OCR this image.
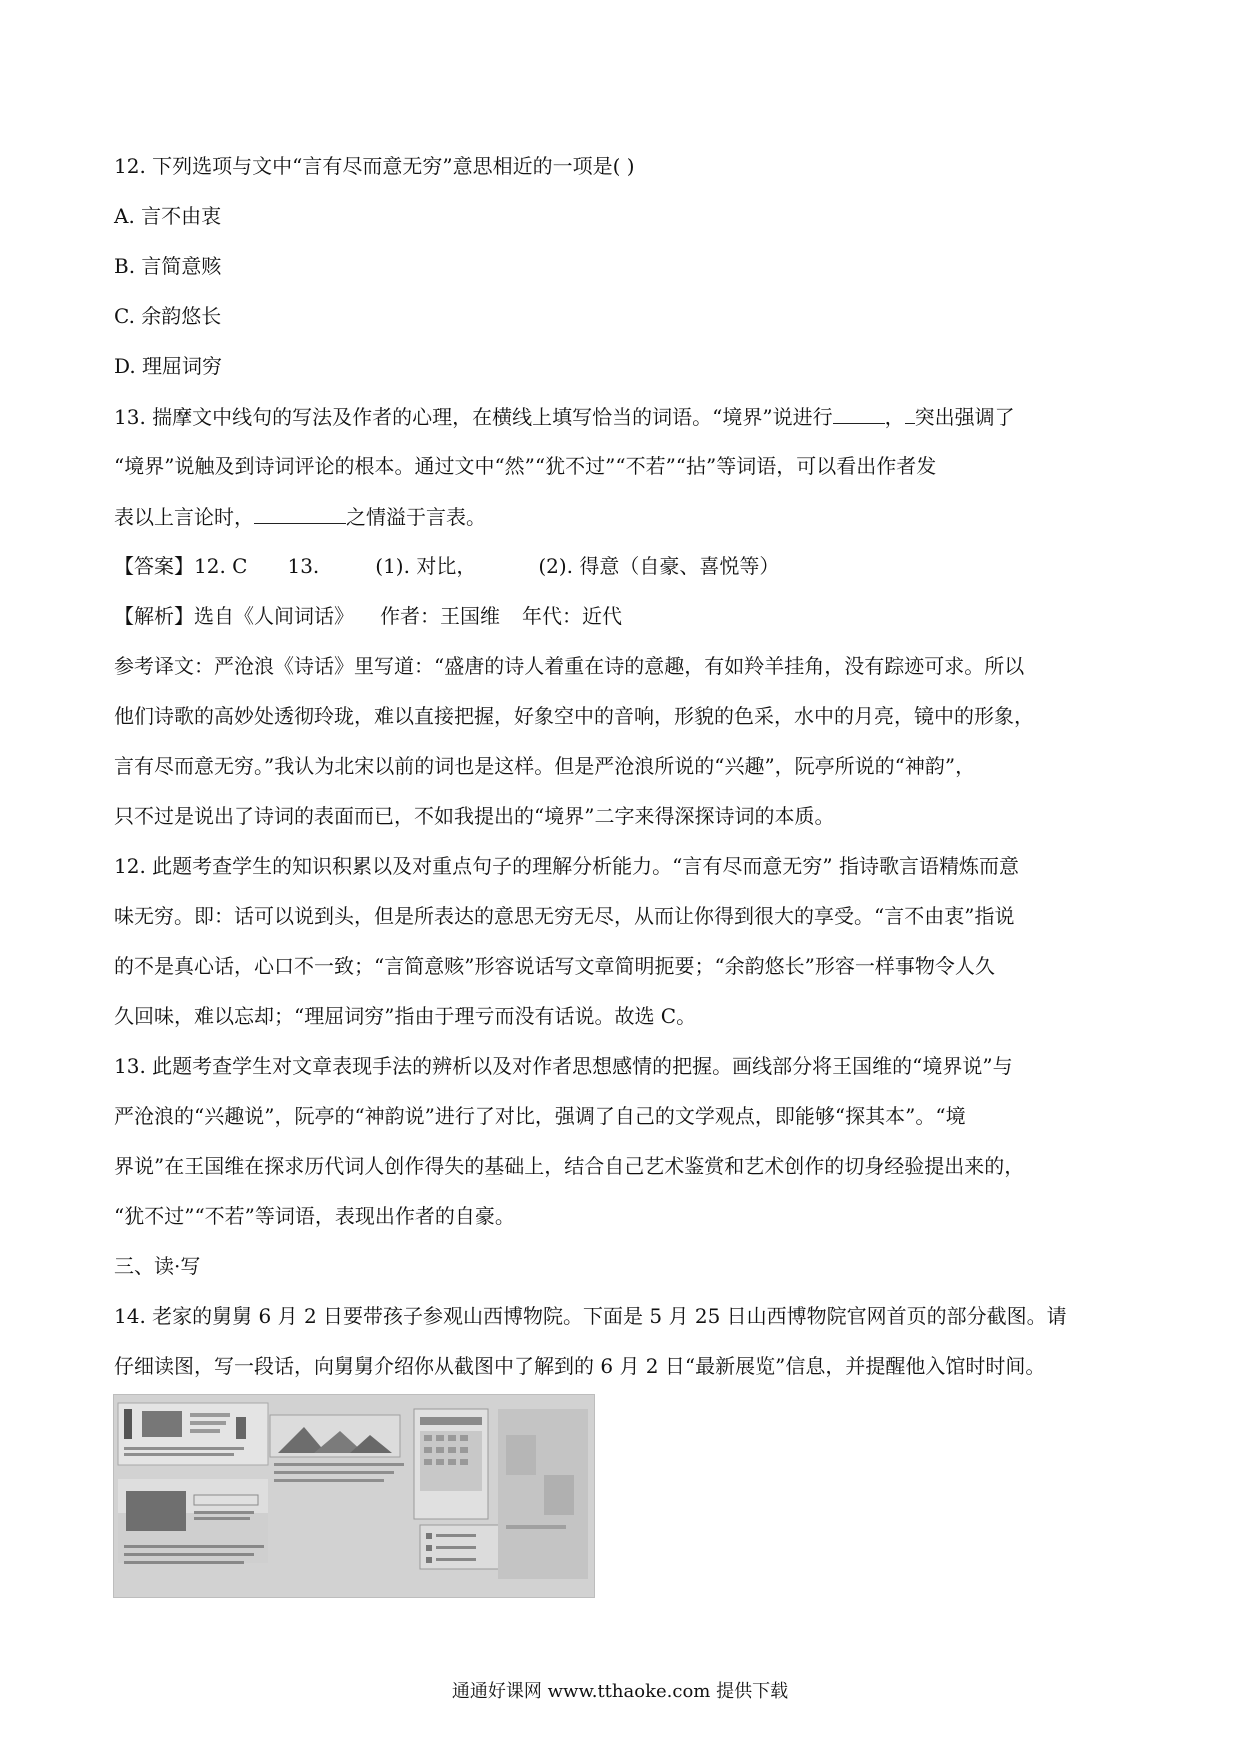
12. 下列选项与文中“言有尽而意无穷”意思相近的一项是( )
A. 言不由衷
B. 言简意赅
C. 余韵悠长
D. 理屈词穷
13. 揣摩文中线句的写法及作者的心理，在横线上填写恰当的词语。“境界”说进行	， 突出强调了
“境界”说触及到诗词评论的根本。通过文中“然”“犹不过”“不若”“拈”等词语，可以看出作者发
表以上言论时，	之情溢于言表。
【答案】12. C 13.	(1). 对比，	(2). 得意（自豪、喜悦等）
【解析】选自《人间词话》 作者：王国维 年代：近代
参考译文：严沧浪《诗话》里写道：“盛唐的诗人着重在诗的意趣，有如羚羊挂角，没有踪迹可求。所以
他们诗歌的高妙处透彻玲珑，难以直接把握，好象空中的音响，形貌的色采，水中的月亮，镜中的形象，
言有尽而意无穷。”我认为北宋以前的词也是这样。但是严沧浪所说的“兴趣”，阮亭所说的“神韵”，
只不过是说出了诗词的表面而已，不如我提出的“境界”二字来得深探诗词的本质。
12. 此题考查学生的知识积累以及对重点句子的理解分析能力。“言有尽而意无穷” 指诗歌言语精炼而意
味无穷。即：话可以说到头，但是所表达的意思无穷无尽，从而让你得到很大的享受。“言不由衷”指说
的不是真心话，心口不一致；“言简意赅”形容说话写文章简明扼要；“余韵悠长”形容一样事物令人久
久回味，难以忘却；“理屈词穷”指由于理亏而没有话说。故选 C。
13. 此题考查学生对文章表现手法的辨析以及对作者思想感情的把握。画线部分将王国维的“境界说”与
严沧浪的“兴趣说”，阮亭的“神韵说”进行了对比，强调了自己的文学观点，即能够“探其本”。“境
界说”在王国维在探求历代词人创作得失的基础上，结合自己艺术鉴赏和艺术创作的切身经验提出来的，
“犹不过”“不若”等词语，表现出作者的自豪。
三、读·写
14. 老家的舅舅 6 月 2 日要带孩子参观山西博物院。下面是 5 月 25 日山西博物院官网首页的部分截图。请
仔细读图，写一段话，向舅舅介绍你从截图中了解到的 6 月 2 日“最新展览”信息，并提醒他入馆时时间。
通通好课网 www.tthaoke.com 提供下载
